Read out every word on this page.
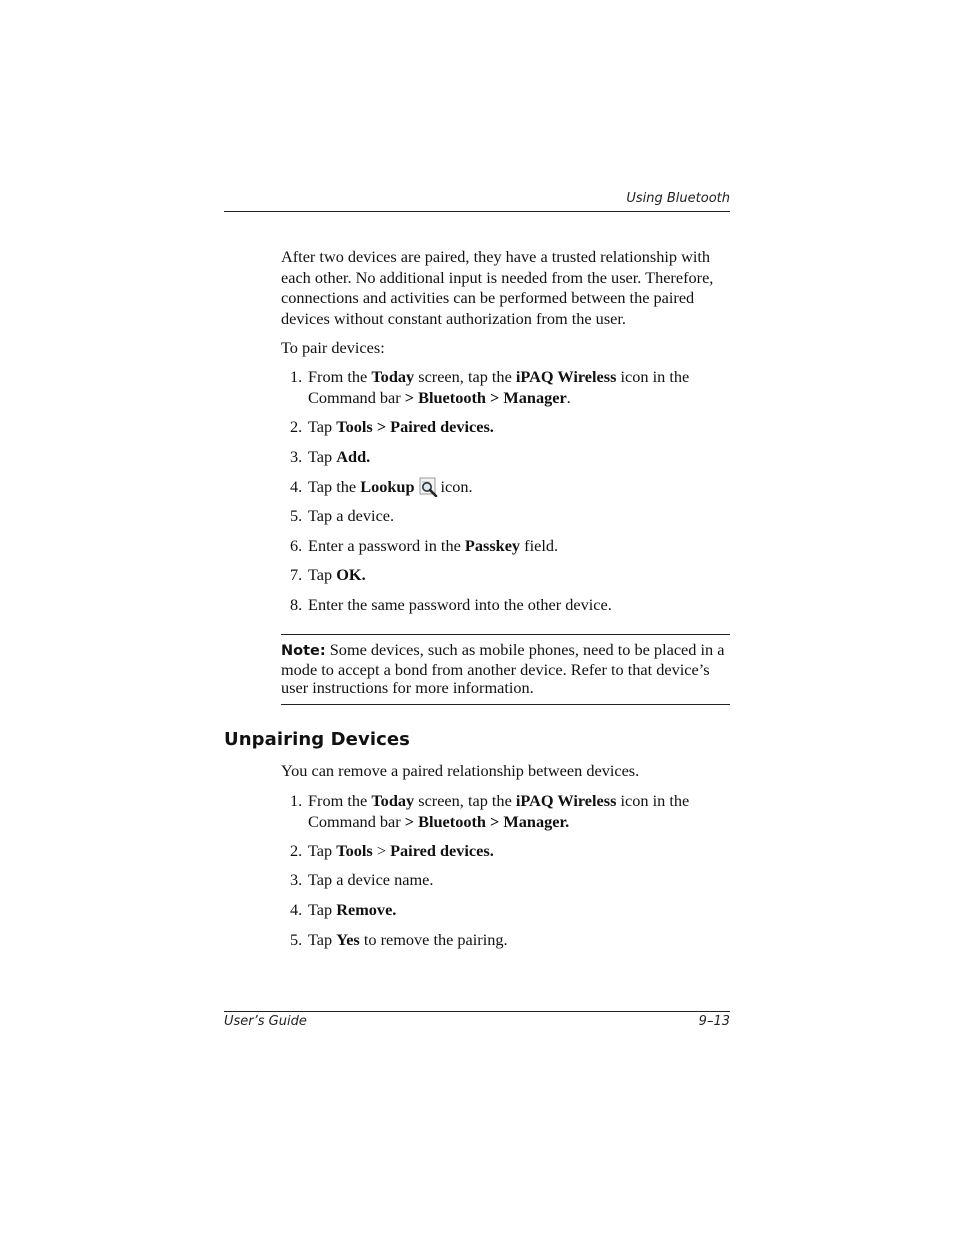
Using Bluetooth

After two devices are paired, they have a trusted relationship with each other. No additional input is needed from the user. Therefore, connections and activities can be performed between the paired devices without constant authorization from the user.

To pair devices:

1. From the Today screen, tap the iPAQ Wireless icon in the Command bar > Bluetooth > Manager.
2. Tap Tools > Paired devices.
3. Tap Add.
4. Tap the Lookup icon.
5. Tap a device.
6. Enter a password in the Passkey field.
7. Tap OK.
8. Enter the same password into the other device.
Note: Some devices, such as mobile phones, need to be placed in a mode to accept a bond from another device. Refer to that device’s user instructions for more information.
Unpairing Devices

You can remove a paired relationship between devices.

1. From the Today screen, tap the iPAQ Wireless icon in the Command bar > Bluetooth > Manager.
2. Tap Tools > Paired devices.
3. Tap a device name.
4. Tap Remove.
5. Tap Yes to remove the pairing.
User’s Guide	9–13
